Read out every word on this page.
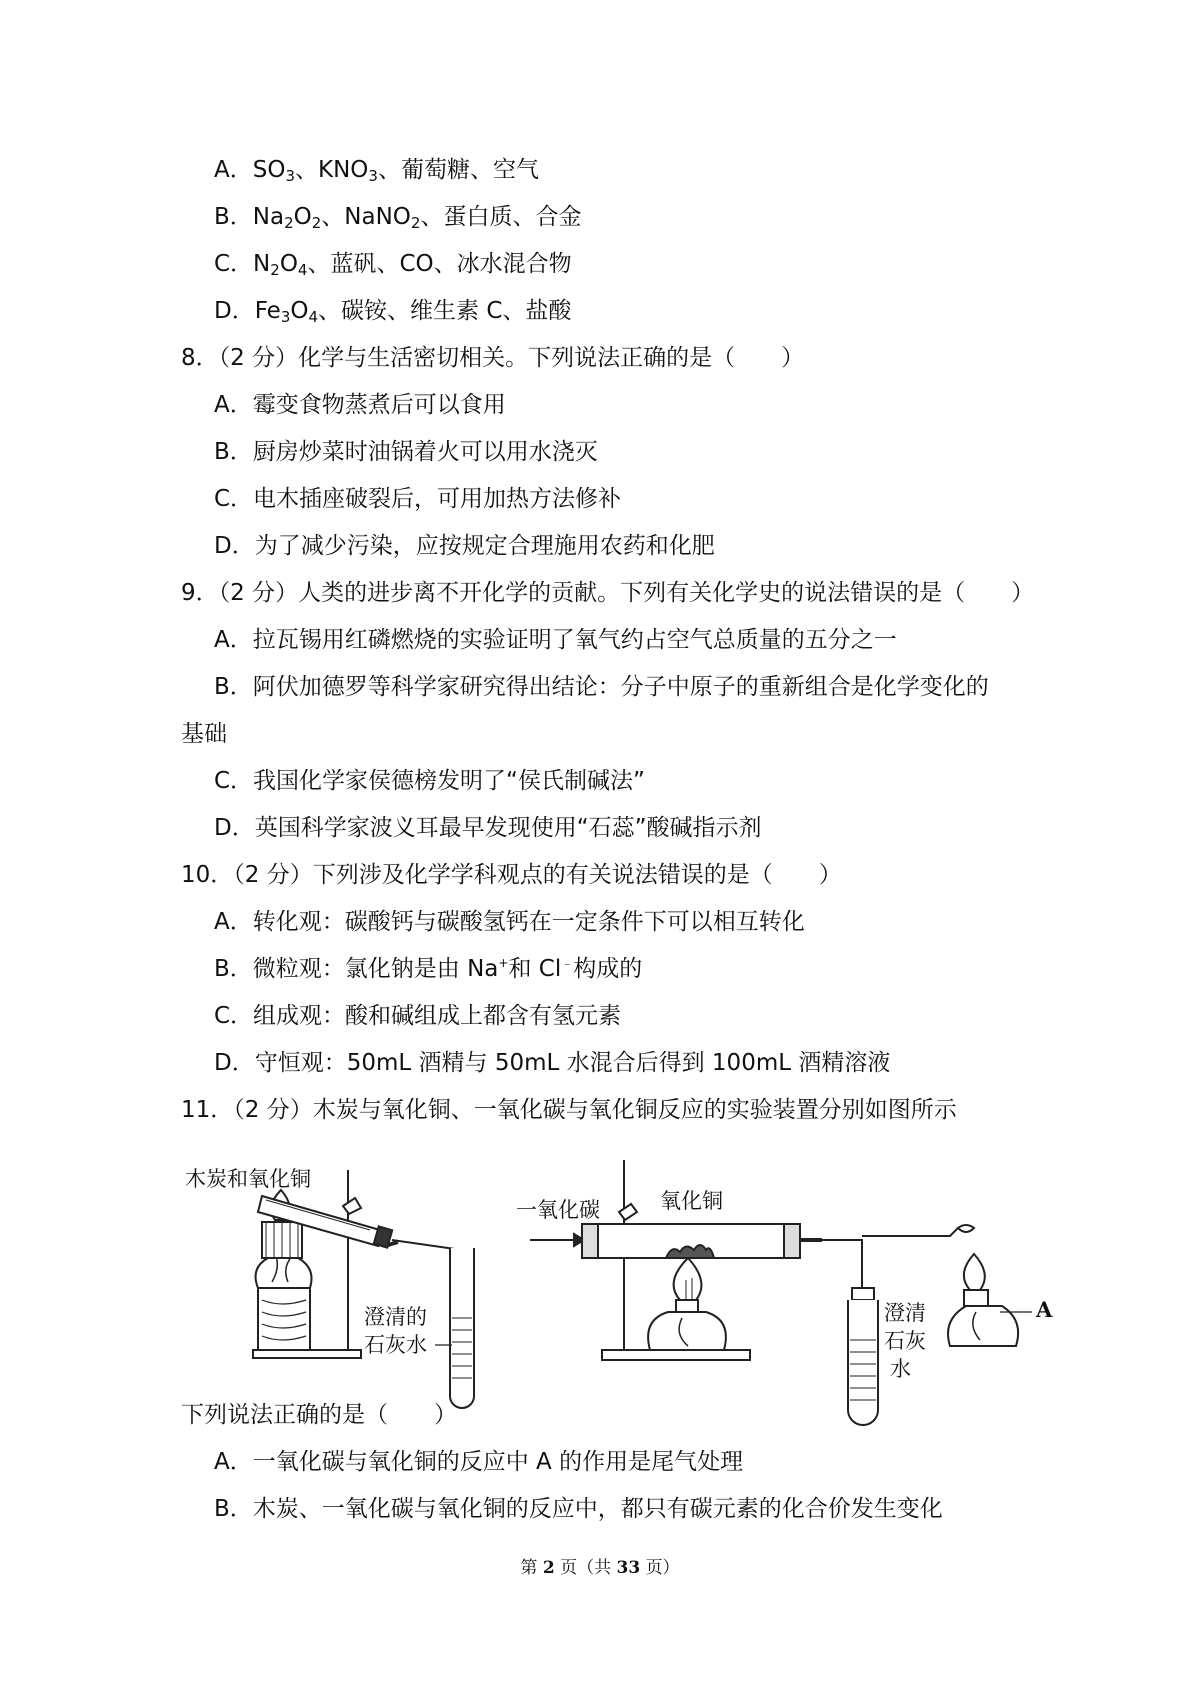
A．$SO_3$、$KNO_3$、葡萄糖、空气
B．$Na_2O_2$、NaNO$_2$、蛋白质、合金
C．$N_2O_4$、蓝矾、CO、冰水混合物
D．$Fe_3O_4$、碳铵、维生素 C、盐酸
8．（2 分）化学与生活密切相关。下列说法正确的是（　　）
A．霉变食物蒸煮后可以食用
B．厨房炒菜时油锅着火可以用水浇灭
C．电木插座破裂后，可用加热方法修补
D．为了减少污染，应按规定合理施用农药和化肥
9．（2 分）人类的进步离不开化学的贡献。下列有关化学史的说法错误的是（　　）
A．拉瓦锡用红磷燃烧的实验证明了氧气约占空气总质量的五分之一
B．阿伏加德罗等科学家研究得出结论：分子中原子的重新组合是化学变化的
基础
C．我国化学家侯德榜发明了“侯氏制碱法”
D．英国科学家波义耳最早发现使用“石蕊”酸碱指示剂
10．（2 分）下列涉及化学学科观点的有关说法错误的是（　　）
A．转化观：碳酸钙与碳酸氢钙在一定条件下可以相互转化
B．微粒观：氯化钠是由 Na+和 Cl﹣构成的
C．组成观：酸和碱组成上都含有氢元素
D．守恒观：50mL 酒精与 50mL 水混合后得到 100mL 酒精溶液
11．（2 分）木炭与氧化铜、一氧化碳与氧化铜反应的实验装置分别如图所示
木炭和氧化铜
澄清的
石灰水
一氧化碳	氧化铜
澄清
石灰
水
A
下列说法正确的是（　　）
A．一氧化碳与氧化铜的反应中 A 的作用是尾气处理
B．木炭、一氧化碳与氧化铜的反应中，都只有碳元素的化合价发生变化
第 2 页（共 33 页）
